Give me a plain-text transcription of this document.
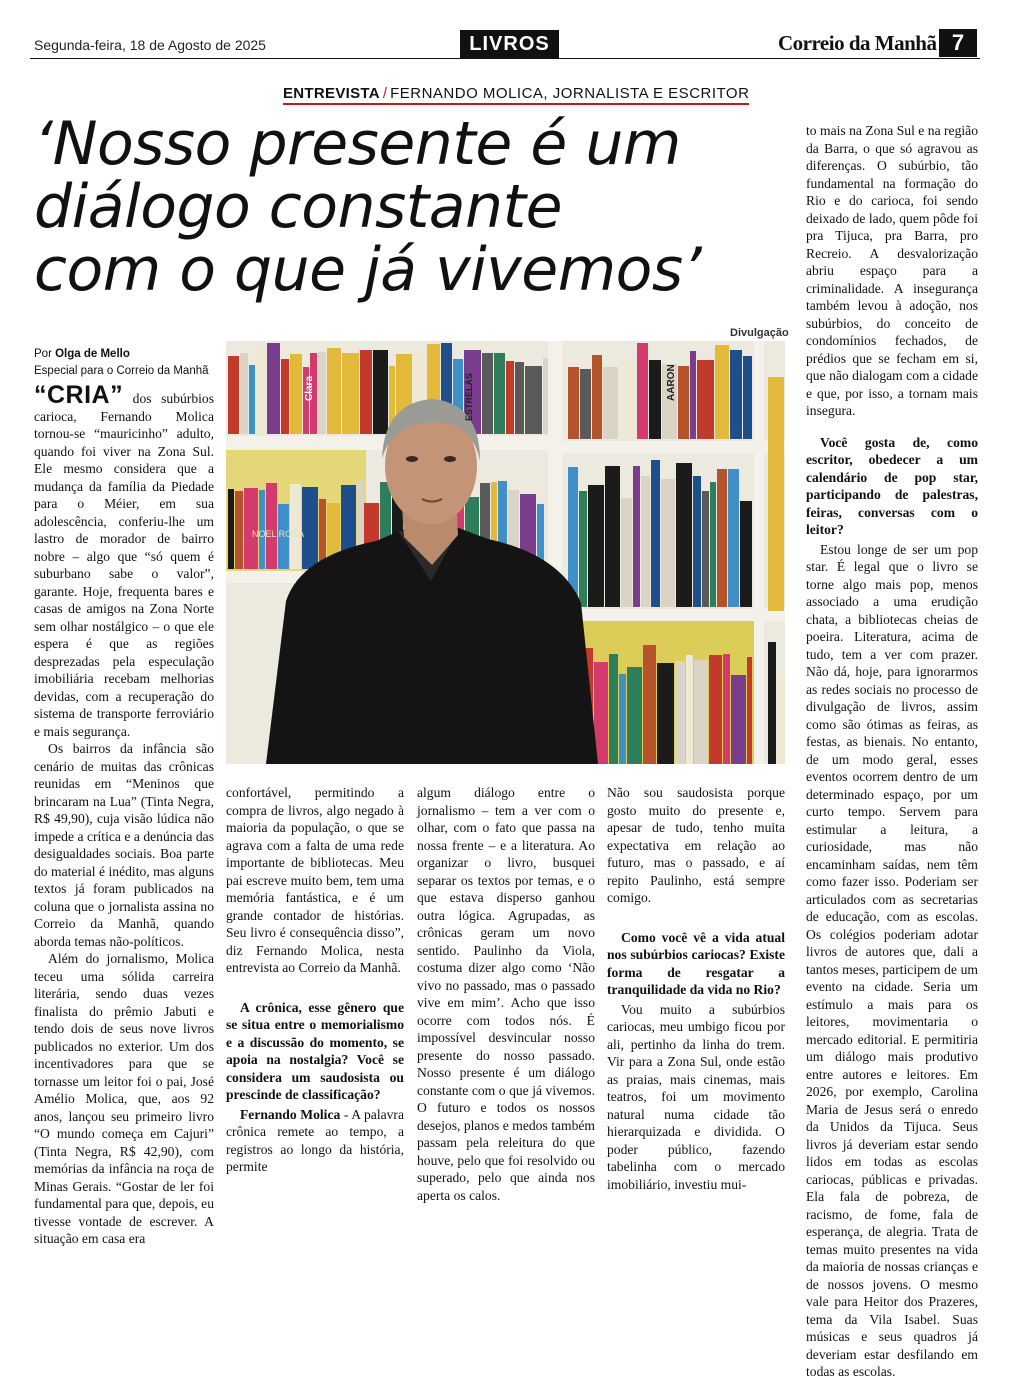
Segunda-feira, 18 de Agosto de 2025	LIVROS	Correio da Manhã 7
ENTREVISTA / FERNANDO MOLICA, JORNALISTA E ESCRITOR
‘Nosso presente é um
diálogo constante
com o que já vivemos’
Divulgação
Por Olga de Mello
Especial para o Correio da Manhã
NOEL ROSA
AARON
ESTRELAS
Clara

“CRIA” dos subúrbios carioca, Fernando Molica tornou-se “mauricinho” adulto, quando foi viver na Zona Sul. Ele mesmo considera que a mudança da família da Piedade para o Méier, em sua adolescência, conferiu-lhe um lastro de morador de bairro nobre – algo que “só quem é suburbano sabe o valor”, garante. Hoje, frequenta bares e casas de amigos na Zona Norte sem olhar nostálgico – o que ele espera é que as regiões desprezadas pela especulação imobiliária recebam melhorias devidas, com a recuperação do sistema de transporte ferroviário e mais segurança.

Os bairros da infância são cenário de muitas das crônicas reunidas em “Meninos que brincaram na Lua” (Tinta Negra, R$ 49,90), cuja visão lúdica não impede a crítica e a denúncia das desigualdades sociais. Boa parte do material é inédito, mas alguns textos já foram publicados na coluna que o jornalista assina no Correio da Manhã, quando aborda temas não-políticos.

Além do jornalismo, Molica teceu uma sólida carreira literária, sendo duas vezes finalista do prêmio Jabuti e tendo dois de seus nove livros publicados no exterior. Um dos incentivadores para que se tornasse um leitor foi o pai, José Amélio Molica, que, aos 92 anos, lançou seu primeiro livro “O mundo começa em Cajuri” (Tinta Negra, R$ 42,90), com memórias da infância na roça de Minas Gerais. “Gostar de ler foi fundamental para que, depois, eu tivesse vontade de escrever. A situação em casa era

confortável, permitindo a compra de livros, algo negado à maioria da população, o que se agrava com a falta de uma rede importante de bibliotecas. Meu pai escreve muito bem, tem uma memória fantástica, e é um grande contador de histórias. Seu livro é consequência disso”, diz Fernando Molica, nesta entrevista ao Correio da Manhã.

A crônica, esse gênero que se situa entre o memorialismo e a discussão do momento, se apoia na nostalgia? Você se considera um saudosista ou prescinde de classificação?

Fernando Molica - A palavra crônica remete ao tempo, a registros ao longo da história, permite

algum diálogo entre o jornalismo – tem a ver com o olhar, com o fato que passa na nossa frente – e a literatura. Ao organizar o livro, busquei separar os textos por temas, e o que estava disperso ganhou outra lógica. Agrupadas, as crônicas geram um novo sentido. Paulinho da Viola, costuma dizer algo como ‘Não vivo no passado, mas o passado vive em mim’. Acho que isso ocorre com todos nós. É impossível desvincular nosso presente do nosso passado. Nosso presente é um diálogo constante com o que já vivemos. O futuro e todos os nossos desejos, planos e medos também passam pela releitura do que houve, pelo que foi resolvido ou superado, pelo que ainda nos aperta os calos.

Não sou saudosista porque gosto muito do presente e, apesar de tudo, tenho muita expectativa em relação ao futuro, mas o passado, e aí repito Paulinho, está sempre comigo.

Como você vê a vida atual nos subúrbios cariocas? Existe forma de resgatar a tranquilidade da vida no Rio?

Vou muito a subúrbios cariocas, meu umbigo ficou por ali, pertinho da linha do trem. Vir para a Zona Sul, onde estão as praias, mais cinemas, mais teatros, foi um movimento natural numa cidade tão hierarquizada e dividida. O poder público, fazendo tabelinha com o mercado imobiliário, investiu mui-

to mais na Zona Sul e na região da Barra, o que só agravou as diferenças. O subúrbio, tão fundamental na formação do Rio e do carioca, foi sendo deixado de lado, quem pôde foi pra Tijuca, pra Barra, pro Recreio. A desvalorização abriu espaço para a criminalidade. A insegurança também levou à adoção, nos subúrbios, do conceito de condomínios fechados, de prédios que se fecham em si, que não dialogam com a cidade e que, por isso, a tornam mais insegura.

Você gosta de, como escritor, obedecer a um calendário de pop star, participando de palestras, feiras, conversas com o leitor?

Estou longe de ser um pop star. É legal que o livro se torne algo mais pop, menos associado a uma erudição chata, a bibliotecas cheias de poeira. Literatura, acima de tudo, tem a ver com prazer. Não dá, hoje, para ignorarmos as redes sociais no processo de divulgação de livros, assim como são ótimas as feiras, as festas, as bienais. No entanto, de um modo geral, esses eventos ocorrem dentro de um determinado espaço, por um curto tempo. Servem para estimular a leitura, a curiosidade, mas não encaminham saídas, nem têm como fazer isso. Poderiam ser articulados com as secretarias de educação, com as escolas. Os colégios poderiam adotar livros de autores que, dali a tantos meses, participem de um evento na cidade. Seria um estímulo a mais para os leitores, movimentaria o mercado editorial. E permitiria um diálogo mais produtivo entre autores e leitores. Em 2026, por exemplo, Carolina Maria de Jesus será o enredo da Unidos da Tijuca. Seus livros já deveriam estar sendo lidos em todas as escolas cariocas, públicas e privadas. Ela fala de pobreza, de racismo, de fome, fala de esperança, de alegria. Trata de temas muito presentes na vida da maioria de nossas crianças e de nossos jovens. O mesmo vale para Heitor dos Prazeres, tema da Vila Isabel. Suas músicas e seus quadros já deveriam estar desfilando em todas as escolas.
